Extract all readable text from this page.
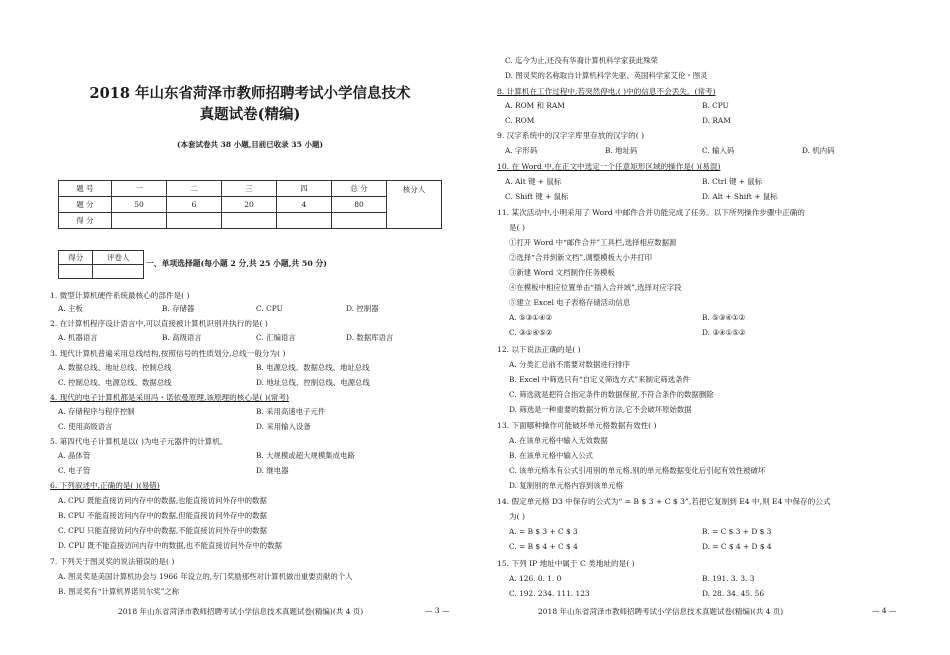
2018 年山东省菏泽市教师招聘考试小学信息技术
真题试卷(精编)
(本套试卷共 38 小题,目前已收录 35 小题)
题 号	一	二	三	四	总 分	核分人
题 分	50	6	20	4	80	
得 分						
得分	评卷人

一、单项选择题(每小题 2 分,共 25 小题,共 50 分)
1. 微型计算机硬件系统最核心的部件是( )
A. 主板	B. 存储器	C. CPU	D. 控制器
2. 在计算机程序设计语言中,可以直接被计算机识别并执行的是( )
A. 机器语言	B. 高级语言	C. 汇编语言	D. 数据库语言
3. 现代计算机普遍采用总线结构,按照信号的性质划分,总线一般分为( )
A. 数据总线、地址总线、控制总线	B. 电源总线、数据总线、地址总线
C. 控制总线、电源总线、数据总线	D. 地址总线、控制总线、电源总线
4. 现代的电子计算机都是采用冯・诺依曼原理,该原理的核心是( )(常考)
A. 存储程序与程序控制	B. 采用高速电子元件
C. 使用高级语言	D. 采用输入设备
5. 第四代电子计算机是以( )为电子元器件的计算机。
A. 晶体管	B. 大规模或超大规模集成电路
C. 电子管	D. 继电器
6. 下列叙述中,正确的是( )(易错)
A. CPU 既能直接访问内存中的数据,也能直接访问外存中的数据
B. CPU 不能直接访问内存中的数据,但能直接访问外存中的数据
C. CPU 只能直接访问内存中的数据,不能直接访问外存中的数据
D. CPU 既不能直接访问内存中的数据,也不能直接访问外存中的数据
7. 下列关于图灵奖的说法错误的是( )
A. 图灵奖是美国计算机协会与 1966 年设立的,专门奖励那些对计算机做出重要贡献的个人
B. 图灵奖有“计算机界诺贝尔奖”之称
2018 年山东省菏泽市教师招聘考试小学信息技术真题试卷(精编)(共 4 页)	— 3 —
C. 迄今为止,还没有华裔计算机科学家获此殊荣
D. 图灵奖的名称取自计算机科学先驱、英国科学家艾伦・图灵
8. 计算机在工作过程中,若突然停电,( )中的信息不会丢失。(常考)
A. ROM 和 RAM	B. CPU
C. ROM	D. RAM
9. 汉字系统中的汉字字库里存放的汉字的( )
A. 字形码	B. 地址码	C. 输入码	D. 机内码
10. 在 Word 中,在正文中选定一个任意矩形区域的操作是( )(易混)
A. Alt 键 + 鼠标	B. Ctrl 键 + 鼠标
C. Shift 键 + 鼠标	D. Alt + Shift + 鼠标
11. 某次活动中,小明采用了 Word 中邮件合并功能完成了任务。以下所列操作步骤中正确的
是( )
①打开 Word 中“邮件合并”工具栏,选择相应数据源
②选择“合并到新文档”,调整模板大小并打印
③新建 Word 文档制作任务模板
④在模板中相应位置单击“插入合并域”,选择对应字段
⑤建立 Excel 电子表格存储活动信息
A. ⑤③①④②	B. ⑤③④①②
C. ③①④⑤②	D. ③④①⑤②
12. 以下说法正确的是( )
A. 分类汇总前不需要对数据进行排序
B. Excel 中筛选只有“自定义筛选方式”来制定筛选条件
C. 筛选就是把符合指定条件的数据保留,不符合条件的数据删除
D. 筛选是一种重要的数据分析方法,它不会破坏原始数据
13. 下面哪种操作可能破坏单元格数据有效性( )
A. 在该单元格中输入无效数据
B. 在该单元格中输入公式
C. 该单元格本有公式引用别的单元格,别的单元格数据变化后引起有效性被破坏
D. 复制别的单元格内容到该单元格
14. 假定单元格 D3 中保存的公式为“ = B $ 3 + C $ 3”,若把它复制到 E4 中,则 E4 中保存的公式
为( )
A. = B $ 3 + C $ 3	B. = C $ 3 + D $ 3
C. = B $ 4 + C $ 4	D. = C $ 4 + D $ 4
15. 下列 IP 地址中属于 C 类地址的是( )
A. 126. 0. 1. 0	B. 191. 3. 3. 3
C. 192. 234. 111. 123	D. 28. 34. 45. 56
2018 年山东省菏泽市教师招聘考试小学信息技术真题试卷(精编)(共 4 页)	— 4 —
